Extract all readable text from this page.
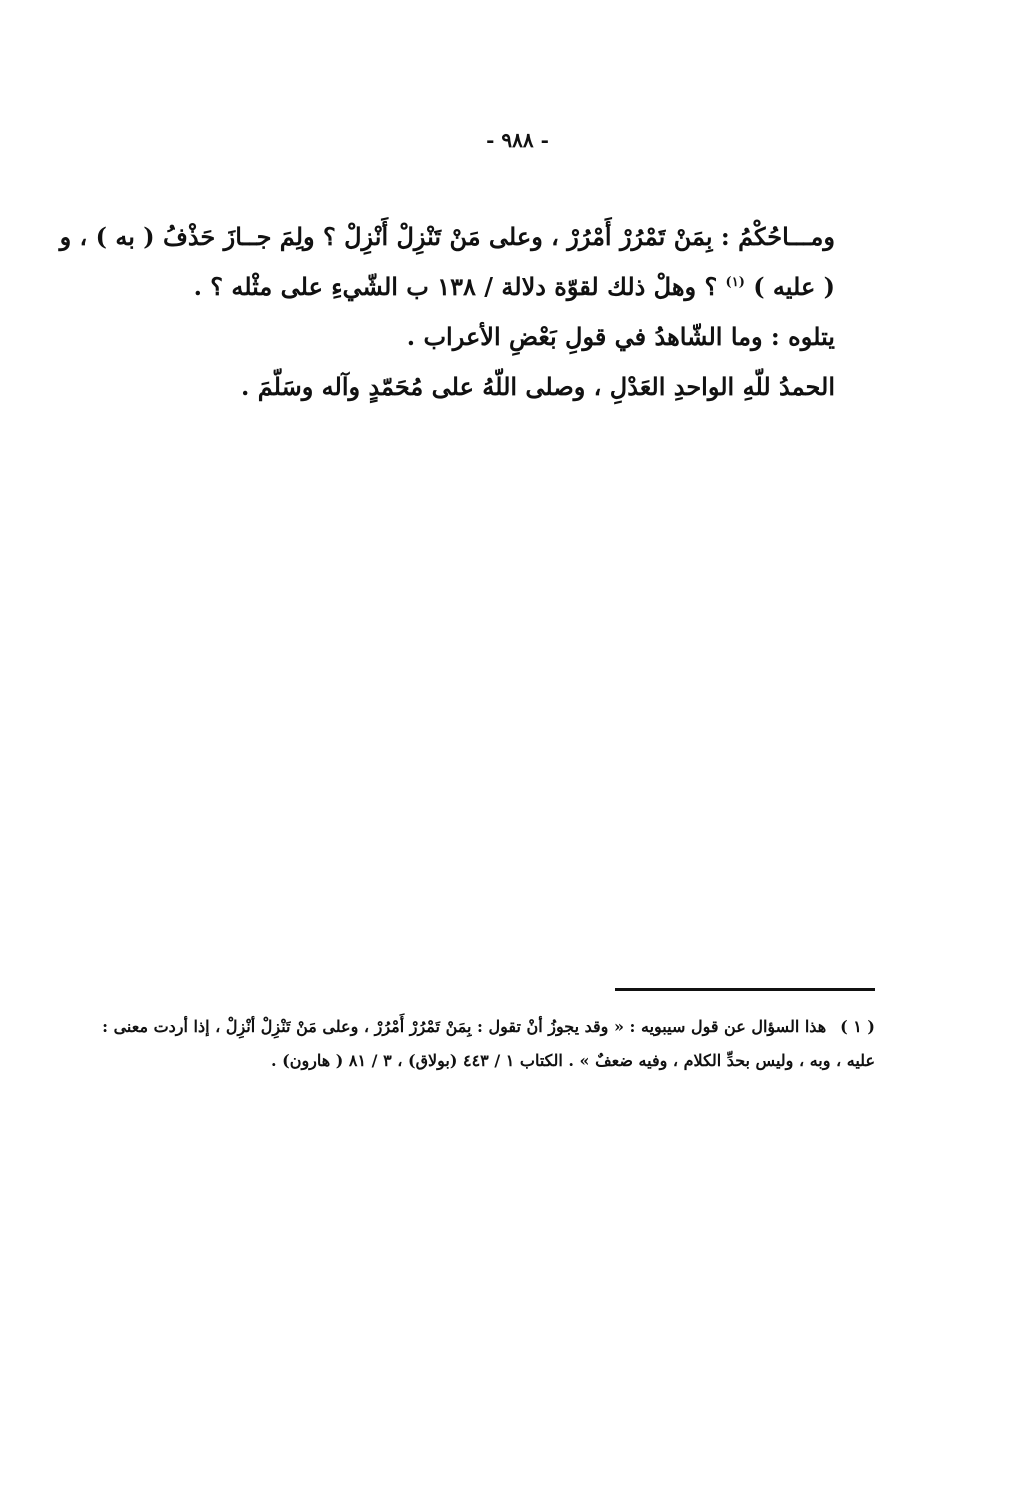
- ٩٨٨ -
ومـــاحُكْمُ : بِمَنْ تَمْرُرْ أَمْرُرْ ، وعلى مَنْ تَنْزِلْ أَنْزِلْ ؟ ولِمَ جــازَ حَذْفُ ( به ) ، و
( عليه ) $^{(١)}$ ؟ وهلْ ذلك لقوّة دلالة / ١٣٨ ب الشّيءِ على مثْله ؟ .
يتلوه : وما الشّاهدُ في قولِ بَعْضِ الأعراب .
الحمدُ للّهِ الواحدِ العَدْلِ ، وصلى اللّهُ على مُحَمّدٍ وآله وسَلّمَ .
( ١ )هذا السؤال عن قول سيبويه : « وقد يجوزُ أنْ تقول : بِمَنْ تَمْرُرْ أَمْرُرْ ، وعلى مَنْ تَنْزِلْ أنْزِلْ ، إذا أردت معنى :
عليه ، وبه ، وليس بحدِّ الكلام ، وفيه ضعفٌ » . الكتاب ١ / ٤٤٣ (بولاق) ، ٣ / ٨١ ( هارون) .
